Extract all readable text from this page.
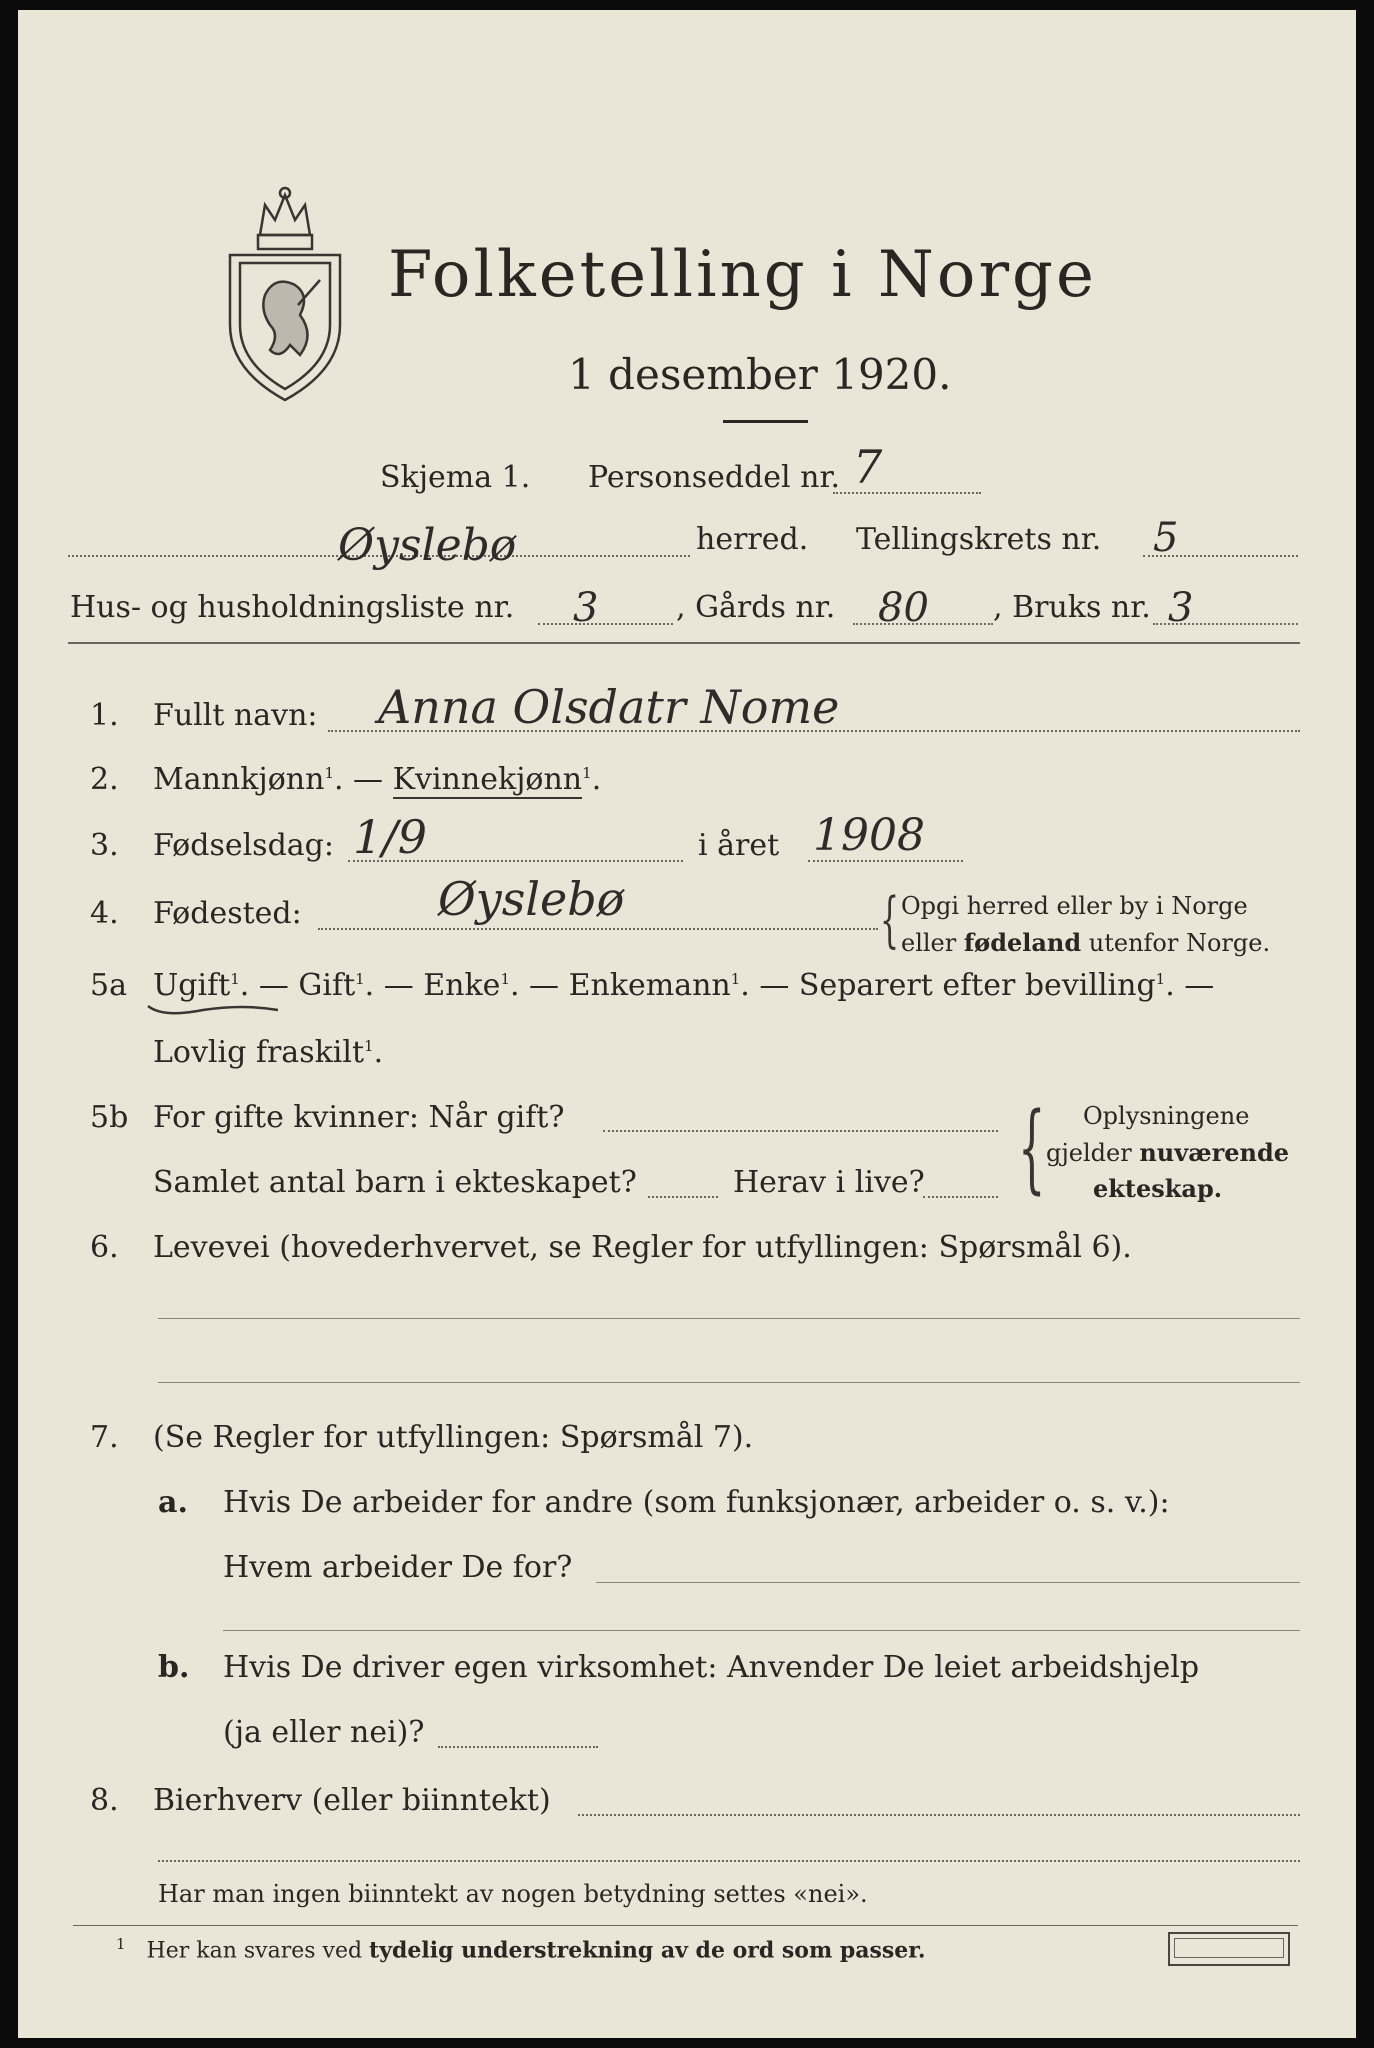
Folketelling i Norge
1 desember 1920.
Skjema 1. Personseddel nr. 7
Øyslebø	herred. Tellingskrets nr. 5
Hus- og husholdningsliste nr. 3	, Gårds nr. 80 , Bruks nr. 3
1. Fullt navn: Anna Olsdatr Nome
2. Mannkjønn$^1$. — Kvinnekjønn$^1$.
3. Fødselsdag: 1/9	i året 1908
4. Fødested:	Øyslebø	{ Opgi herred eller by i Norge
eller fødeland utenfor Norge.
5a Ugift$^1$. — Gift$^1$. — Enke$^1$. — Enkemann$^1$. — Separert efter bevilling$^1$. —
Lovlig fraskilt$^1$.
5b For gifte kvinner: Når gift?
Samlet antal barn i ekteskapet?	Herav i live? { Oplysningene
gjelder nuværende
ekteskap.
6. Levevei (hovederhvervet, se Regler for utfyllingen: Spørsmål 6).
7. (Se Regler for utfyllingen: Spørsmål 7).
a. Hvis De arbeider for andre (som funksjonær, arbeider o. s. v.):
Hvem arbeider De for?
b. Hvis De driver egen virksomhet: Anvender De leiet arbeidshjelp
(ja eller nei)?
8. Bierhverv (eller biinntekt)
Har man ingen biinntekt av nogen betydning settes «nei».
$^1$ Her kan svares ved tydelig understrekning av de ord som passer.
